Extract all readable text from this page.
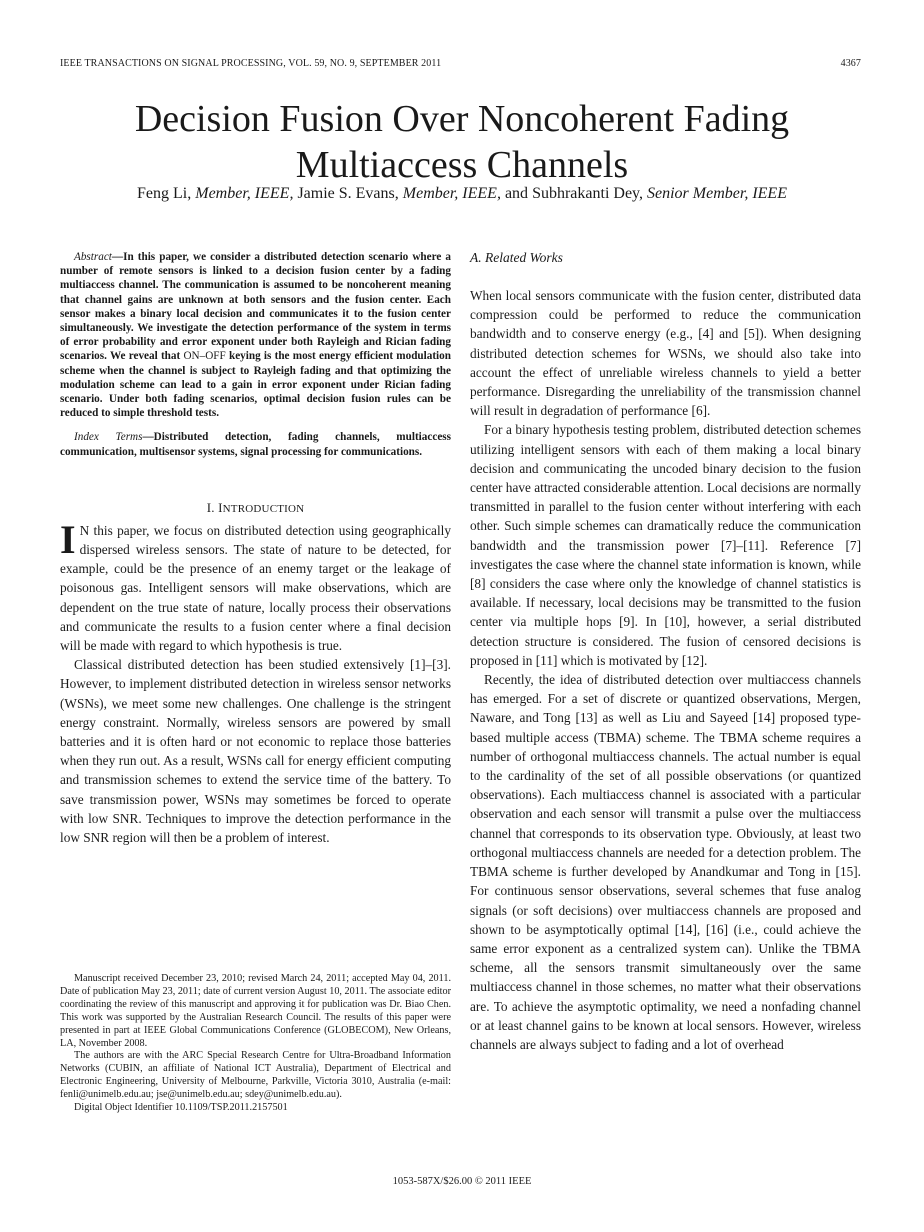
IEEE TRANSACTIONS ON SIGNAL PROCESSING, VOL. 59, NO. 9, SEPTEMBER 2011	4367
Decision Fusion Over Noncoherent Fading
Multiaccess Channels
Feng Li, Member, IEEE, Jamie S. Evans, Member, IEEE, and Subhrakanti Dey, Senior Member, IEEE

Abstract—In this paper, we consider a distributed detection scenario where a number of remote sensors is linked to a decision fusion center by a fading multiaccess channel. The communication is assumed to be noncoherent meaning that channel gains are unknown at both sensors and the fusion center. Each sensor makes a binary local decision and communicates it to the fusion center simultaneously. We investigate the detection performance of the system in terms of error probability and error exponent under both Rayleigh and Rician fading scenarios. We reveal that ON–OFF keying is the most energy efficient modulation scheme when the channel is subject to Rayleigh fading and that optimizing the modulation scheme can lead to a gain in error exponent under Rician fading scenario. Under both fading scenarios, optimal decision fusion rules can be reduced to simple threshold tests.

Index Terms—Distributed detection, fading channels, multiaccess communication, multisensor systems, signal processing for communications.

I. INTRODUCTION

I N this paper, we focus on distributed detection using geographically dispersed wireless sensors. The state of nature to be detected, for example, could be the presence of an enemy target or the leakage of poisonous gas. Intelligent sensors will make observations, which are dependent on the true state of nature, locally process their observations and communicate the results to a fusion center where a final decision will be made with regard to which hypothesis is true.

Classical distributed detection has been studied extensively [1]–[3]. However, to implement distributed detection in wireless sensor networks (WSNs), we meet some new challenges. One challenge is the stringent energy constraint. Normally, wireless sensors are powered by small batteries and it is often hard or not economic to replace those batteries when they run out. As a result, WSNs call for energy efficient computing and transmission schemes to extend the service time of the battery. To save transmission power, WSNs may sometimes be forced to operate with low SNR. Techniques to improve the detection performance in the low SNR region will then be a problem of interest.

Manuscript received December 23, 2010; revised March 24, 2011; accepted May 04, 2011. Date of publication May 23, 2011; date of current version August 10, 2011. The associate editor coordinating the review of this manuscript and approving it for publication was Dr. Biao Chen. This work was supported by the Australian Research Council. The results of this paper were presented in part at IEEE Global Communications Conference (GLOBECOM), New Orleans, LA, November 2008.

The authors are with the ARC Special Research Centre for Ultra-Broadband Information Networks (CUBIN, an affiliate of National ICT Australia), Department of Electrical and Electronic Engineering, University of Melbourne, Parkville, Victoria 3010, Australia (e-mail: fenli@unimelb.edu.au; jse@unimelb.edu.au; sdey@unimelb.edu.au).

Digital Object Identifier 10.1109/TSP.2011.2157501

A. Related Works

When local sensors communicate with the fusion center, distributed data compression could be performed to reduce the communication bandwidth and to conserve energy (e.g., [4] and [5]). When designing distributed detection schemes for WSNs, we should also take into account the effect of unreliable wireless channels to yield a better performance. Disregarding the unreliability of the transmission channel will result in degradation of performance [6].

For a binary hypothesis testing problem, distributed detection schemes utilizing intelligent sensors with each of them making a local binary decision and communicating the uncoded binary decision to the fusion center have attracted considerable attention. Local decisions are normally transmitted in parallel to the fusion center without interfering with each other. Such simple schemes can dramatically reduce the communication bandwidth and the transmission power [7]–[11]. Reference [7] investigates the case where the channel state information is known, while [8] considers the case where only the knowledge of channel statistics is available. If necessary, local decisions may be transmitted to the fusion center via multiple hops [9]. In [10], however, a serial distributed detection structure is considered. The fusion of censored decisions is proposed in [11] which is motivated by [12].

Recently, the idea of distributed detection over multiaccess channels has emerged. For a set of discrete or quantized observations, Mergen, Naware, and Tong [13] as well as Liu and Sayeed [14] proposed type-based multiple access (TBMA) scheme. The TBMA scheme requires a number of orthogonal multiaccess channels. The actual number is equal to the cardinality of the set of all possible observations (or quantized observations). Each multiaccess channel is associated with a particular observation and each sensor will transmit a pulse over the multiaccess channel that corresponds to its observation type. Obviously, at least two orthogonal multiaccess channels are needed for a detection problem. The TBMA scheme is further developed by Anandkumar and Tong in [15]. For continuous sensor observations, several schemes that fuse analog signals (or soft decisions) over multiaccess channels are proposed and shown to be asymptotically optimal [14], [16] (i.e., could achieve the same error exponent as a centralized system can). Unlike the TBMA scheme, all the sensors transmit simultaneously over the same multiaccess channel in those schemes, no matter what their observations are. To achieve the asymptotic optimality, we need a nonfading channel or at least channel gains to be known at local sensors. However, wireless channels are always subject to fading and a lot of overhead

1053-587X/$26.00 © 2011 IEEE
